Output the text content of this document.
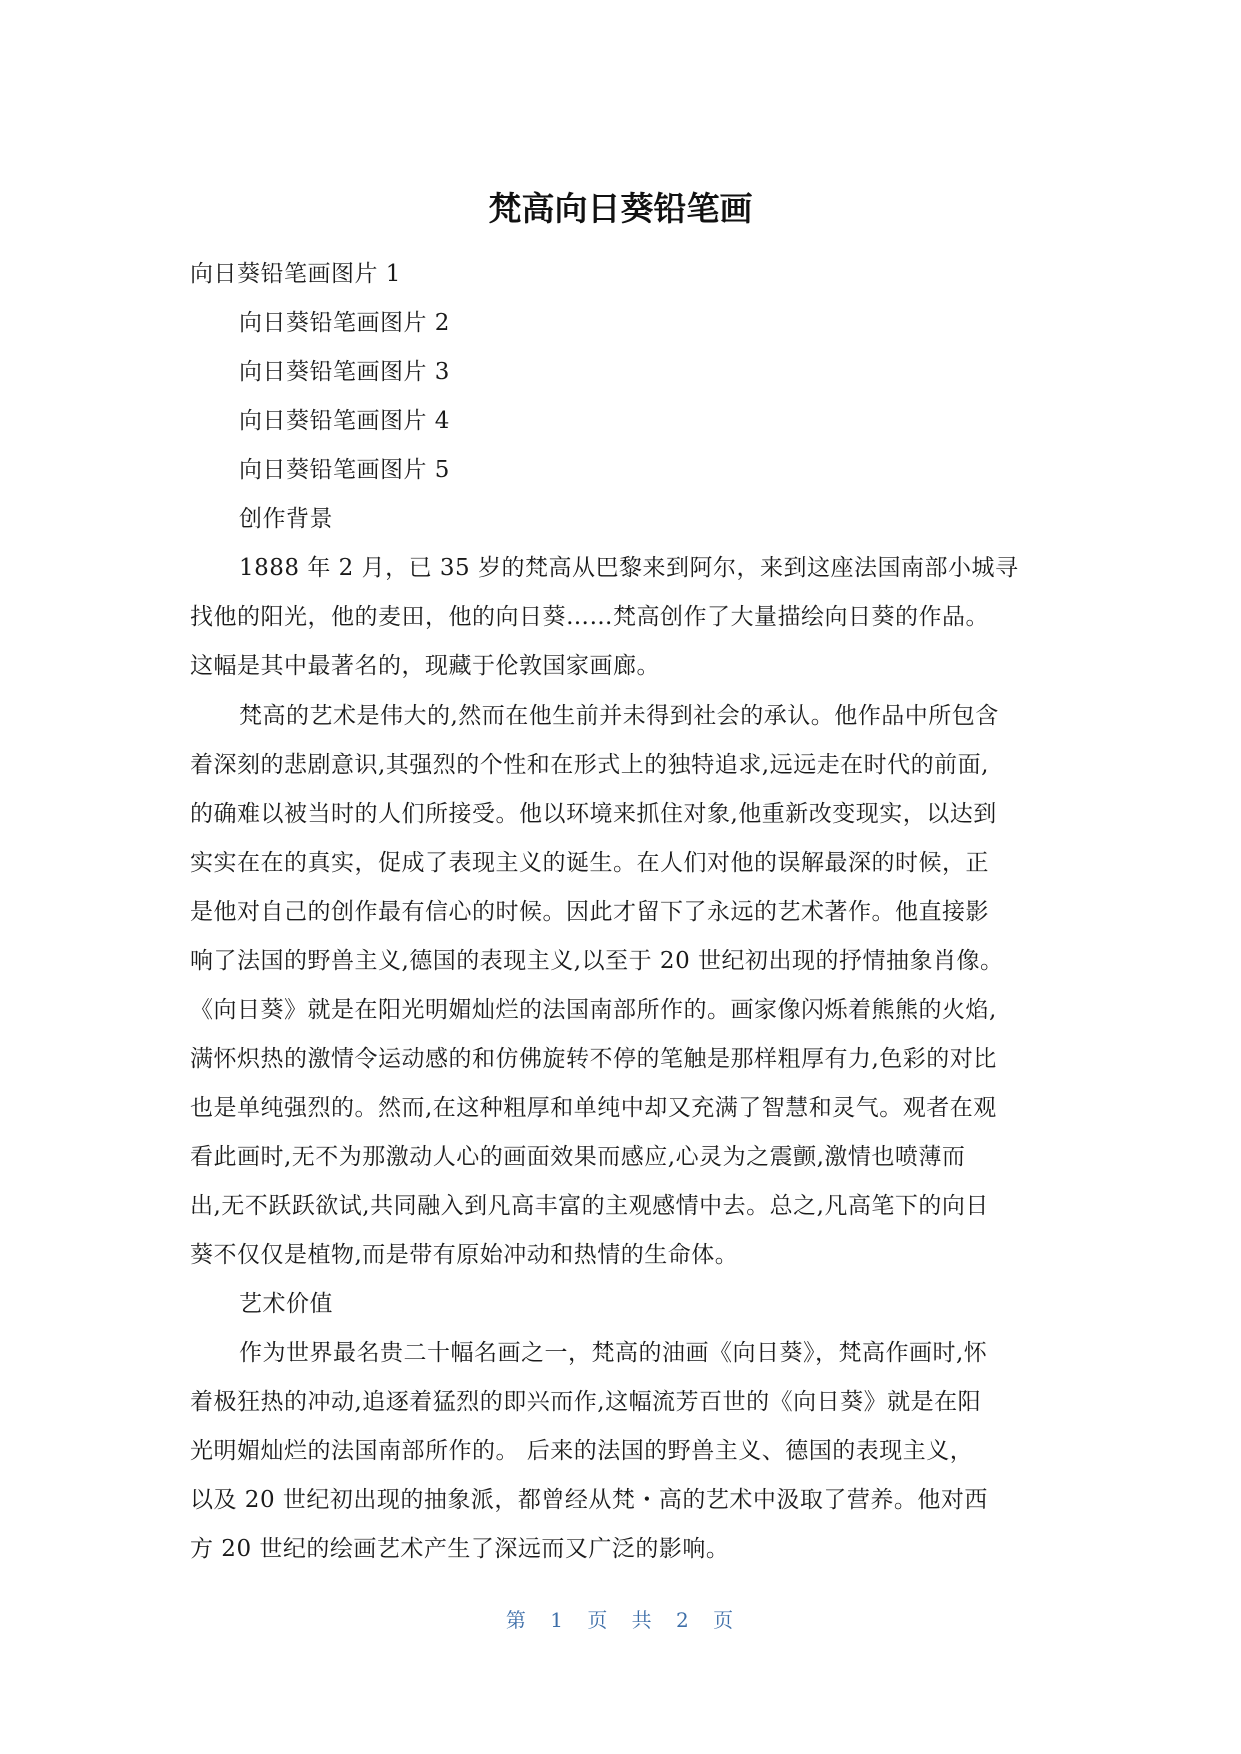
梵高向日葵铅笔画
向日葵铅笔画图片 1
向日葵铅笔画图片 2
向日葵铅笔画图片 3
向日葵铅笔画图片 4
向日葵铅笔画图片 5
创作背景
1888 年 2 月，已 35 岁的梵高从巴黎来到阿尔，来到这座法国南部小城寻
找他的阳光，他的麦田，他的向日葵……梵高创作了大量描绘向日葵的作品。
这幅是其中最著名的，现藏于伦敦国家画廊。
梵高的艺术是伟大的,然而在他生前并未得到社会的承认。他作品中所包含
着深刻的悲剧意识,其强烈的个性和在形式上的独特追求,远远走在时代的前面,
的确难以被当时的人们所接受。他以环境来抓住对象,他重新改变现实，以达到
实实在在的真实，促成了表现主义的诞生。在人们对他的误解最深的时候，正
是他对自己的创作最有信心的时候。因此才留下了永远的艺术著作。他直接影
响了法国的野兽主义,德国的表现主义,以至于 20 世纪初出现的抒情抽象肖像。
《向日葵》就是在阳光明媚灿烂的法国南部所作的。画家像闪烁着熊熊的火焰,
满怀炽热的激情令运动感的和仿佛旋转不停的笔触是那样粗厚有力,色彩的对比
也是单纯强烈的。然而,在这种粗厚和单纯中却又充满了智慧和灵气。观者在观
看此画时,无不为那激动人心的画面效果而感应,心灵为之震颤,激情也喷薄而
出,无不跃跃欲试,共同融入到凡高丰富的主观感情中去。总之,凡高笔下的向日
葵不仅仅是植物,而是带有原始冲动和热情的生命体。
艺术价值
作为世界最名贵二十幅名画之一，梵高的油画《向日葵》，梵高作画时,怀
着极狂热的冲动,追逐着猛烈的即兴而作,这幅流芳百世的《向日葵》就是在阳
光明媚灿烂的法国南部所作的。 后来的法国的野兽主义、德国的表现主义，
以及 20 世纪初出现的抽象派，都曾经从梵・高的艺术中汲取了营养。他对西
方 20 世纪的绘画艺术产生了深远而又广泛的影响。
第 1 页 共 2 页
